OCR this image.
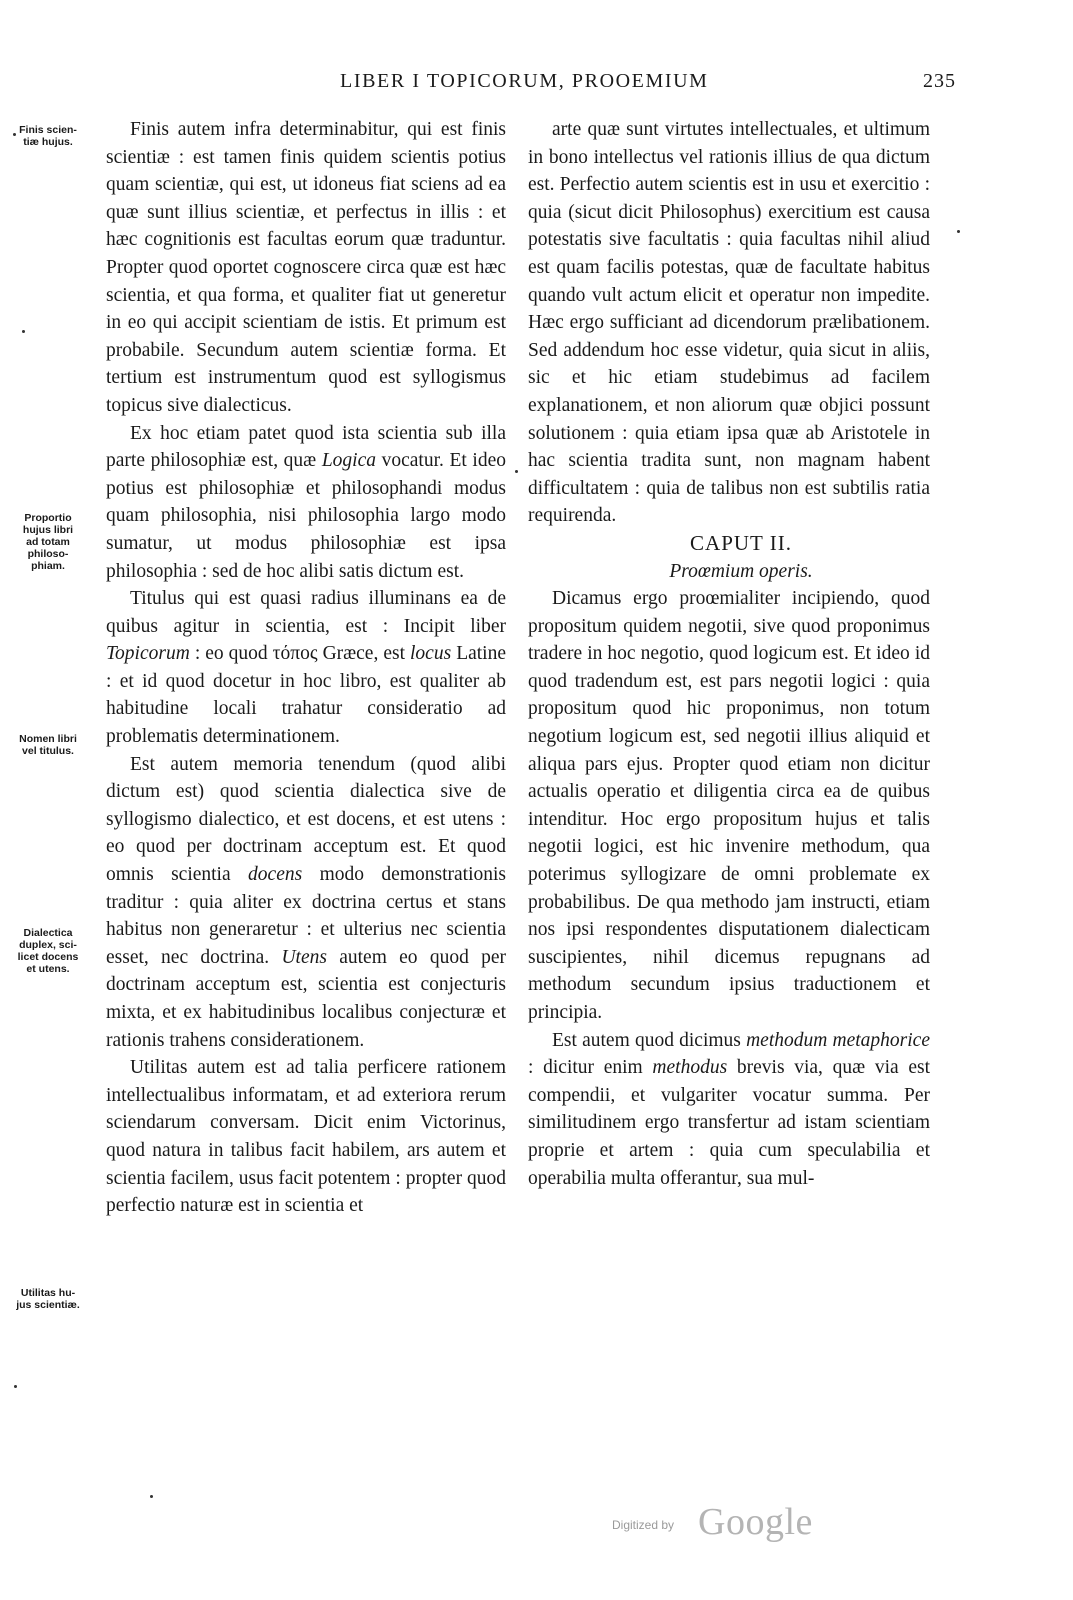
LIBER I TOPICORUM, PROOEMIUM	235
Finis scien-
tiæ hujus.
Proportio
hujus libri
ad totam
philoso-
phiam.
Nomen libri
vel titulus.
Dialectica
duplex, sci-
licet docens
et utens.
Utilitas hu-
jus scientiæ.

Finis autem infra determinabitur, qui est finis scientiæ : est tamen finis quidem scientis potius quam scientiæ, qui est, ut idoneus fiat sciens ad ea quæ sunt illius scientiæ, et perfectus in illis : et hæc cognitionis est facultas eorum quæ traduntur. Propter quod oportet cognoscere circa quæ est hæc scientia, et qua forma, et qualiter fiat ut generetur in eo qui accipit scientiam de istis. Et primum est probabile. Secundum autem scientiæ forma. Et tertium est instrumentum quod est syllogismus topicus sive dialecticus.

Ex hoc etiam patet quod ista scientia sub illa parte philosophiæ est, quæ Logica vocatur. Et ideo potius est philosophiæ et philosophandi modus quam philosophia, nisi philosophia largo modo sumatur, ut modus philosophiæ est ipsa philosophia : sed de hoc alibi satis dictum est.

Titulus qui est quasi radius illuminans ea de quibus agitur in scientia, est : Incipit liber Topicorum : eo quod τόπος Græce, est locus Latine : et id quod docetur in hoc libro, est qualiter ab habitudine locali trahatur consideratio ad problematis determinationem.

Est autem memoria tenendum (quod alibi dictum est) quod scientia dialectica sive de syllogismo dialectico, et est docens, et est utens : eo quod per doctrinam acceptum est. Et quod omnis scientia docens modo demonstrationis traditur : quia aliter ex doctrina certus et stans habitus non generaretur : et ulterius nec scientia esset, nec doctrina. Utens autem eo quod per doctrinam acceptum est, scientia est conjecturis mixta, et ex habitudinibus localibus conjecturæ et rationis trahens considerationem.

Utilitas autem est ad talia perficere rationem intellectualibus informatam, et ad exteriora rerum sciendarum conversam. Dicit enim Victorinus, quod natura in talibus facit habilem, ars autem et scientia facilem, usus facit potentem : propter quod perfectio naturæ est in scientia et

arte quæ sunt virtutes intellectuales, et ultimum in bono intellectus vel rationis illius de qua dictum est. Perfectio autem scientis est in usu et exercitio : quia (sicut dicit Philosophus) exercitium est causa potestatis sive facultatis : quia facultas nihil aliud est quam facilis potestas, quæ de facultate habitus quando vult actum elicit et operatur non impedite. Hæc ergo sufficiant ad dicendorum prælibationem. Sed addendum hoc esse videtur, quia sicut in aliis, sic et hic etiam studebimus ad facilem explanationem, et non aliorum quæ objici possunt solutionem : quia etiam ipsa quæ ab Aristotele in hac scientia tradita sunt, non magnam habent difficultatem : quia de talibus non est subtilis ratia requirenda.

CAPUT II.

Proœmium operis.

Dicamus ergo proœmialiter incipiendo, quod propositum quidem negotii, sive quod proponimus tradere in hoc negotio, quod logicum est. Et ideo id quod tradendum est, est pars negotii logici : quia propositum quod hic proponimus, non totum negotium logicum est, sed negotii illius aliquid et aliqua pars ejus. Propter quod etiam non dicitur actualis operatio et diligentia circa ea de quibus intenditur. Hoc ergo propositum hujus et talis negotii logici, est hic invenire methodum, qua poterimus syllogizare de omni problemate ex probabilibus. De qua methodo jam instructi, etiam nos ipsi respondentes disputationem dialecticam suscipientes, nihil dicemus repugnans ad methodum secundum ipsius traductionem et principia.

Est autem quod dicimus methodum metaphorice : dicitur enim methodus brevis via, quæ via est compendii, et vulgariter vocatur summa. Per similitudinem ergo transfertur ad istam scientiam proprie et artem : quia cum speculabilia et operabilia multa offerantur, sua mul-

Digitized by Google
